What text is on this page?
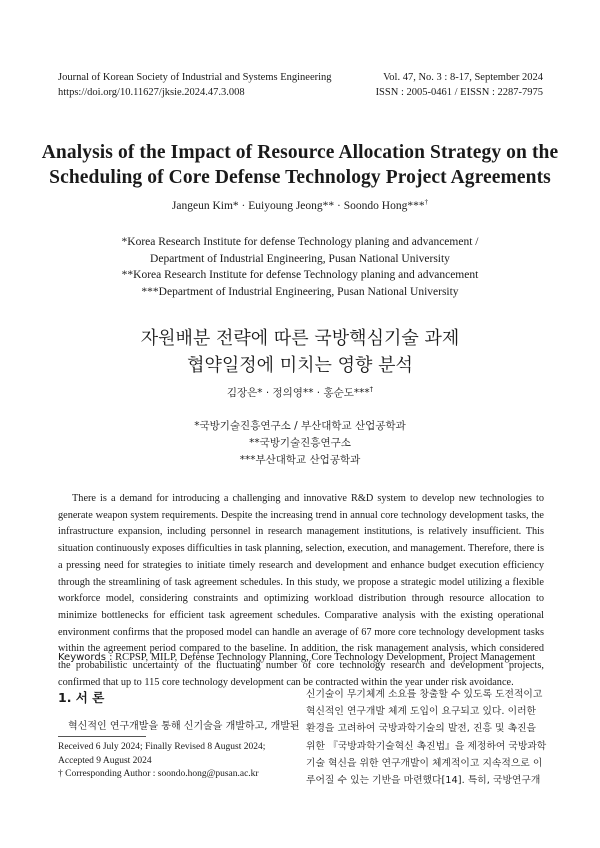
Journal of Korean Society of Industrial and Systems Engineering
https://doi.org/10.11627/jksie.2024.47.3.008
Vol. 47, No. 3 : 8-17, September 2024
ISSN : 2005-0461 / EISSN : 2287-7975
Analysis of the Impact of Resource Allocation Strategy on the
Scheduling of Core Defense Technology Project Agreements
Jangeun Kim* · Euiyoung Jeong** · Soondo Hong***†
*Korea Research Institute for defense Technology planing and advancement /
Department of Industrial Engineering, Pusan National University
**Korea Research Institute for defense Technology planing and advancement
***Department of Industrial Engineering, Pusan National University
자원배분 전략에 따른 국방핵심기술 과제
협약일정에 미치는 영향 분석
김장은* · 정의영** · 홍순도***†
*국방기술진흥연구소 / 부산대학교 산업공학과
**국방기술진흥연구소
***부산대학교 산업공학과
There is a demand for introducing a challenging and innovative R&D system to develop new technologies to generate weapon system requirements. Despite the increasing trend in annual core technology development tasks, the infrastructure expansion, including personnel in research management institutions, is relatively insufficient. This situation continuously exposes difficulties in task planning, selection, execution, and management. Therefore, there is a pressing need for strategies to initiate timely research and development and enhance budget execution efficiency through the streamlining of task agreement schedules. In this study, we propose a strategic model utilizing a flexible workforce model, considering constraints and optimizing workload distribution through resource allocation to minimize bottlenecks for efficient task agreement schedules. Comparative analysis with the existing operational environment confirms that the proposed model can handle an average of 67 more core technology development tasks within the agreement period compared to the baseline. In addition, the risk management analysis, which considered the probabilistic uncertainty of the fluctuating number of core technology research and development projects, confirmed that up to 115 core technology development can be contracted within the year under risk avoidance.
Keywords : RCPSP, MILP, Defense Technology Planning, Core Technology Development, Project Management
1. 서 론
혁신적인 연구개발을 통해 신기술을 개발하고, 개발된
Received 6 July 2024; Finally Revised 8 August 2024;
Accepted 9 August 2024
† Corresponding Author : soondo.hong@pusan.ac.kr
신기술이 무기체계 소요를 창출할 수 있도록 도전적이고
혁신적인 연구개발 체계 도입이 요구되고 있다. 이러한
환경을 고려하여 국방과학기술의 발전, 진흥 및 촉진을
위한 『국방과학기술혁신 촉진법』을 제정하여 국방과학
기술 혁신을 위한 연구개발이 체계적이고 지속적으로 이
루어질 수 있는 기반을 마련했다[14]. 특히, 국방연구개
